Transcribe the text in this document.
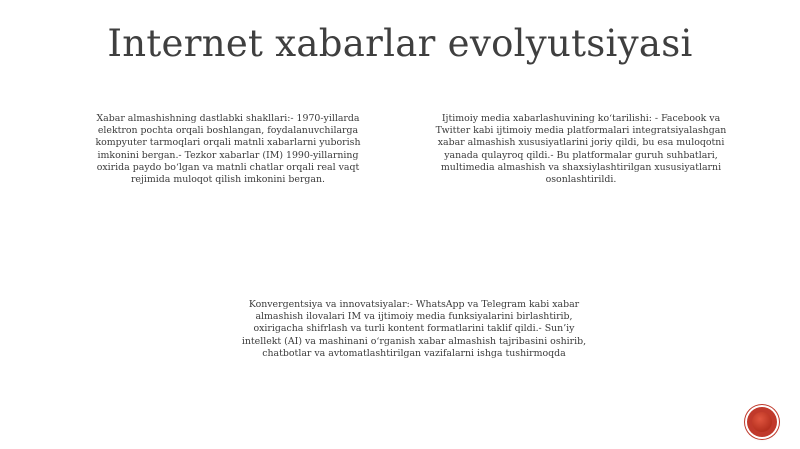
Internet xabarlar evolyutsiyasi
Xabar almashishning dastlabki shakllari:- 1970-yillarda elektron pochta orqali boshlangan, foydalanuvchilarga kompyuter tarmoqlari orqali matnli xabarlarni yuborish imkonini bergan.- Tezkor xabarlar (IM) 1990-yillarning oxirida paydo bo‘lgan va matnli chatlar orqali real vaqt rejimida muloqot qilish imkonini bergan.
Ijtimoiy media xabarlashuvining ko‘tarilishi: - Facebook va Twitter kabi ijtimoiy media platformalari integratsiyalashgan xabar almashish xususiyatlarini joriy qildi, bu esa muloqotni yanada qulayroq qildi.- Bu platformalar guruh suhbatlari, multimedia almashish va shaxsiylashtirilgan xususiyatlarni osonlashtirildi.
Konvergentsiya va innovatsiyalar:- WhatsApp va Telegram kabi xabar almashish ilovalari IM va ijtimoiy media funksiyalarini birlashtirib, oxirigacha shifrlash va turli kontent formatlarini taklif qildi.- Sun’iy intellekt (AI) va mashinani o‘rganish xabar almashish tajribasini oshirib, chatbotlar va avtomatlashtirilgan vazifalarni ishga tushirmoqda
